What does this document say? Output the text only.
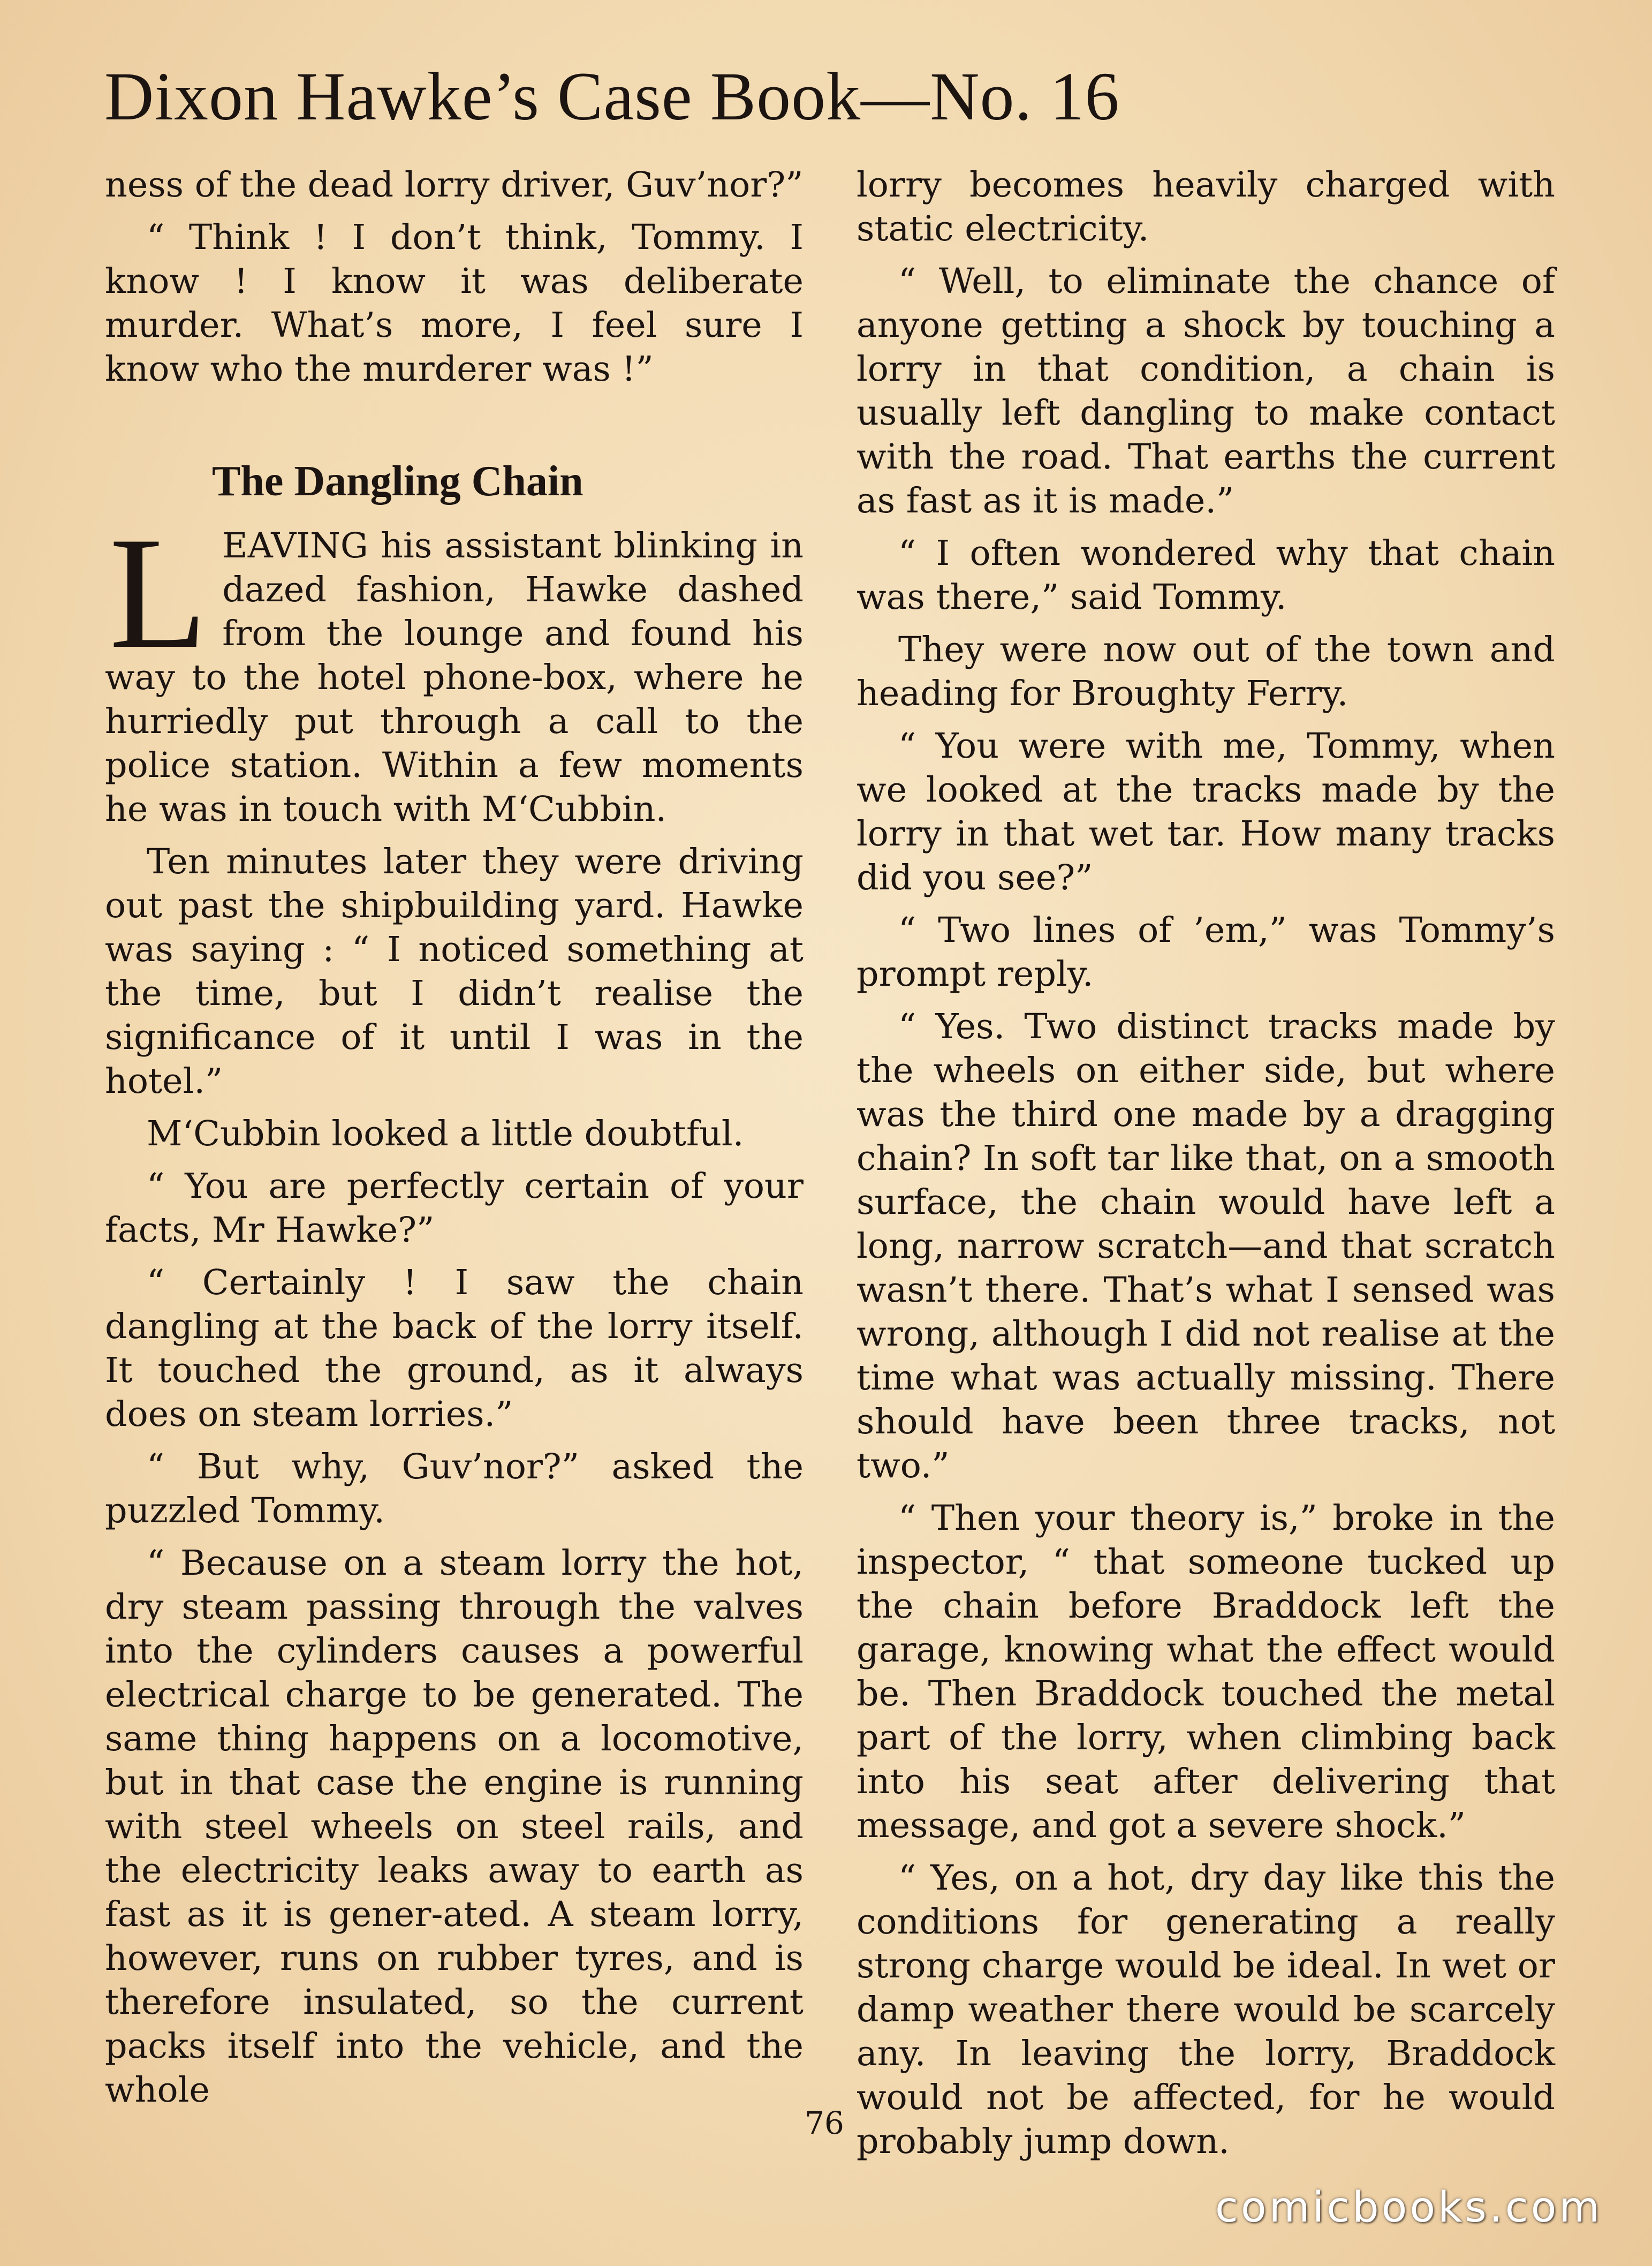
Dixon Hawke’s Case Book—No. 16

ness of the dead lorry driver, Guv’nor?”

“ Think ! I don’t think, Tommy. I know ! I know it was deliberate murder. What’s more, I feel sure I know who the murderer was !”

The Dangling Chain

LEAVING his assistant blinking in dazed fashion, Hawke dashed from the lounge and found his way to the hotel phone-box, where he hurriedly put through a call to the police station. Within a few moments he was in touch with M‘Cubbin.

Ten minutes later they were driving out past the shipbuilding yard. Hawke was saying : “ I noticed something at the time, but I didn’t realise the significance of it until I was in the hotel.”

M‘Cubbin looked a little doubtful.

“ You are perfectly certain of your facts, Mr Hawke?”

“ Certainly ! I saw the chain dangling at the back of the lorry itself. It touched the ground, as it always does on steam lorries.”

“ But why, Guv’nor?” asked the puzzled Tommy.

“ Because on a steam lorry the hot, dry steam passing through the valves into the cylinders causes a powerful electrical charge to be generated. The same thing happens on a locomotive, but in that case the engine is running with steel wheels on steel rails, and the electricity leaks away to earth as fast as it is gener-ated. A steam lorry, however, runs on rubber tyres, and is therefore insulated, so the current packs itself into the vehicle, and the whole

lorry becomes heavily charged with static electricity.

“ Well, to eliminate the chance of anyone getting a shock by touching a lorry in that condition, a chain is usually left dangling to make contact with the road. That earths the current as fast as it is made.”

“ I often wondered why that chain was there,” said Tommy.

They were now out of the town and heading for Broughty Ferry.

“ You were with me, Tommy, when we looked at the tracks made by the lorry in that wet tar. How many tracks did you see?”

“ Two lines of ’em,” was Tommy’s prompt reply.

“ Yes. Two distinct tracks made by the wheels on either side, but where was the third one made by a dragging chain? In soft tar like that, on a smooth surface, the chain would have left a long, narrow scratch—and that scratch wasn’t there. That’s what I sensed was wrong, although I did not realise at the time what was actually missing. There should have been three tracks, not two.”

“ Then your theory is,” broke in the inspector, “ that someone tucked up the chain before Braddock left the garage, knowing what the effect would be. Then Braddock touched the metal part of the lorry, when climbing back into his seat after delivering that message, and got a severe shock.”

“ Yes, on a hot, dry day like this the conditions for generating a really strong charge would be ideal. In wet or damp weather there would be scarcely any. In leaving the lorry, Braddock would not be affected, for he would probably jump down.

76
comicbooks.com
